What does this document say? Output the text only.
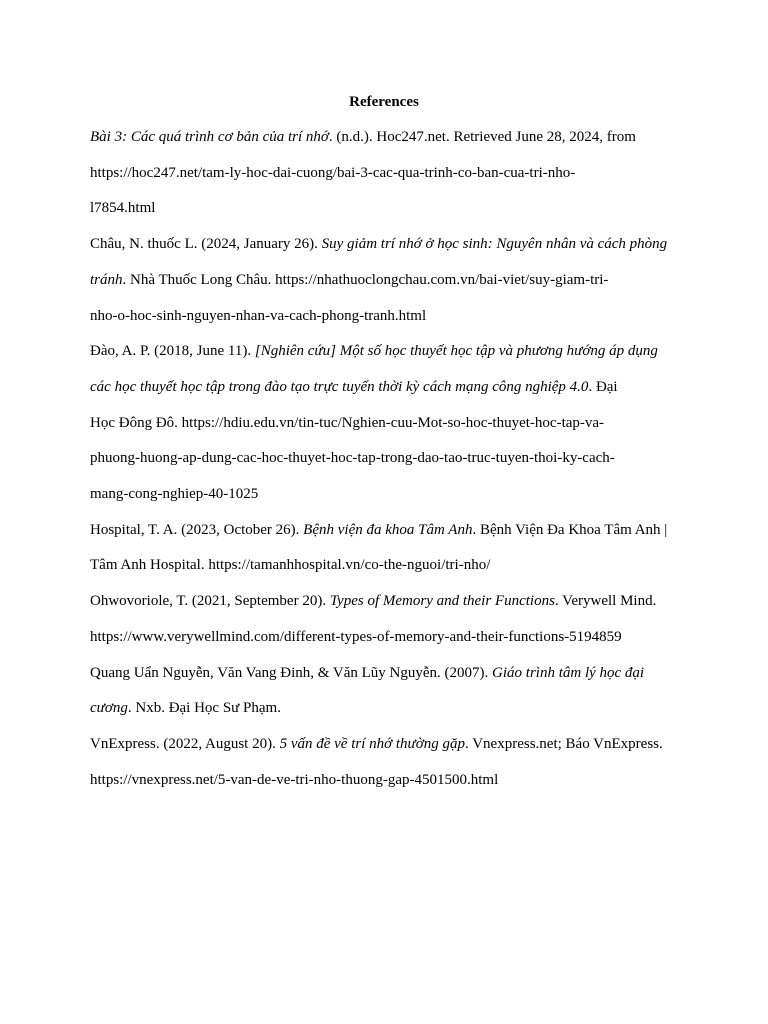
References
Bài 3: Các quá trình cơ bản của trí nhớ. (n.d.). Hoc247.net. Retrieved June 28, 2024, from
https://hoc247.net/tam-ly-hoc-dai-cuong/bai-3-cac-qua-trinh-co-ban-cua-tri-nho-
l7854.html
Châu, N. thuốc L. (2024, January 26). Suy giảm trí nhớ ở học sinh: Nguyên nhân và cách phòng
tránh. Nhà Thuốc Long Châu. https://nhathuoclongchau.com.vn/bai-viet/suy-giam-tri-
nho-o-hoc-sinh-nguyen-nhan-va-cach-phong-tranh.html
Đào, A. P. (2018, June 11). [Nghiên cứu] Một số học thuyết học tập và phương hướng áp dụng
các học thuyết học tập trong đào tạo trực tuyến thời kỳ cách mạng công nghiệp 4.0. Đại
Học Đông Đô. https://hdiu.edu.vn/tin-tuc/Nghien-cuu-Mot-so-hoc-thuyet-hoc-tap-va-
phuong-huong-ap-dung-cac-hoc-thuyet-hoc-tap-trong-dao-tao-truc-tuyen-thoi-ky-cach-
mang-cong-nghiep-40-1025
Hospital, T. A. (2023, October 26). Bệnh viện đa khoa Tâm Anh. Bệnh Viện Đa Khoa Tâm Anh |
Tâm Anh Hospital. https://tamanhhospital.vn/co-the-nguoi/tri-nho/
Ohwovoriole, T. (2021, September 20). Types of Memory and their Functions. Verywell Mind.
https://www.verywellmind.com/different-types-of-memory-and-their-functions-5194859
Quang Uẩn Nguyễn, Văn Vang Đinh, & Văn Lũy Nguyễn. (2007). Giáo trình tâm lý học đại
cương. Nxb. Đại Học Sư Phạm.
VnExpress. (2022, August 20). 5 vấn đề về trí nhớ thường gặp. Vnexpress.net; Báo VnExpress.
https://vnexpress.net/5-van-de-ve-tri-nho-thuong-gap-4501500.html
